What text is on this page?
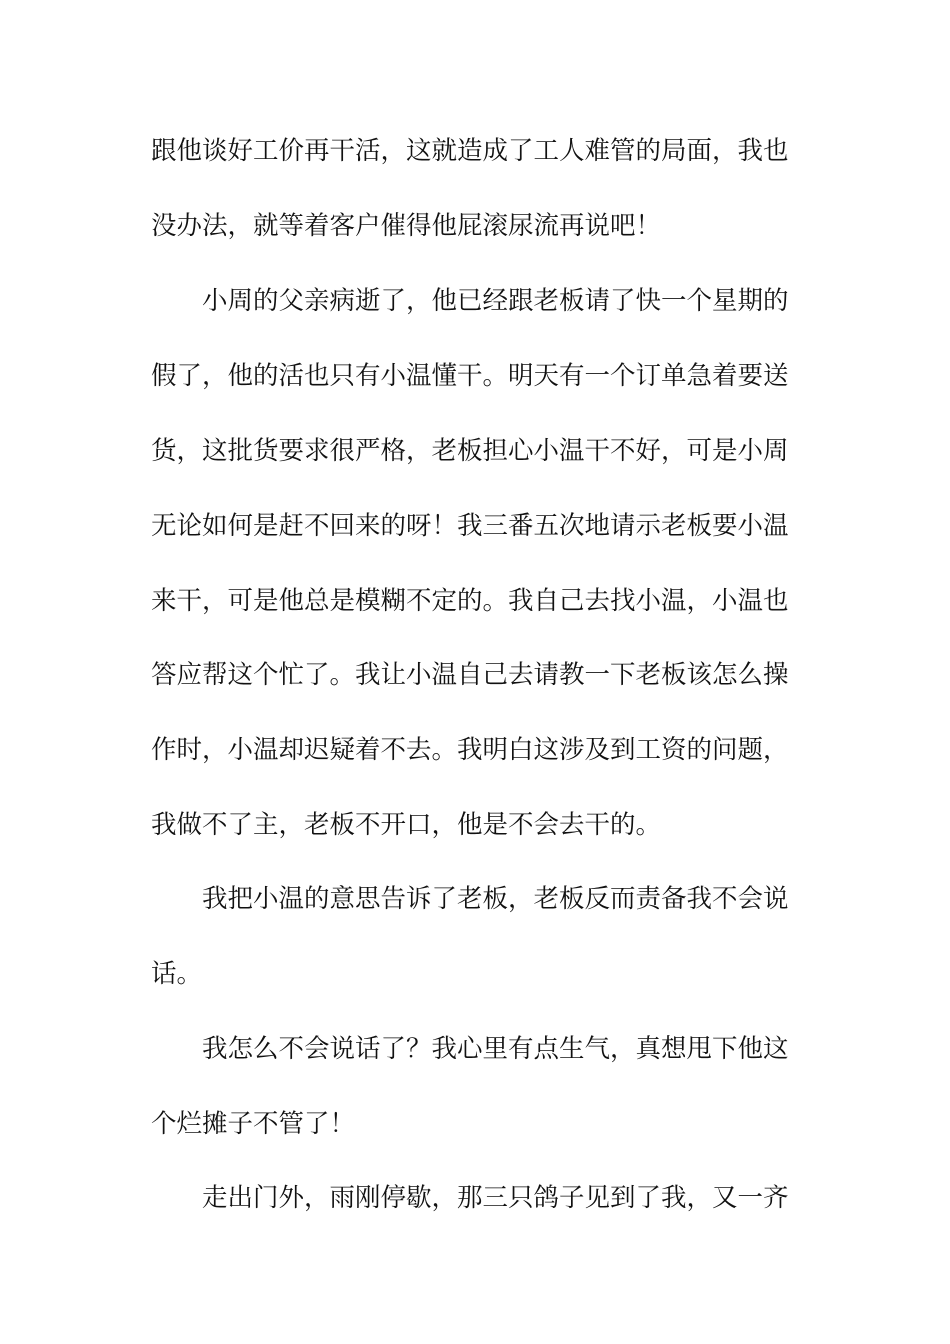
跟他谈好工价再干活，这就造成了工人难管的局面，我也
没办法，就等着客户催得他屁滚尿流再说吧！
小周的父亲病逝了，他已经跟老板请了快一个星期的
假了，他的活也只有小温懂干。明天有一个订单急着要送
货，这批货要求很严格，老板担心小温干不好，可是小周
无论如何是赶不回来的呀！我三番五次地请示老板要小温
来干，可是他总是模糊不定的。我自己去找小温，小温也
答应帮这个忙了。我让小温自己去请教一下老板该怎么操
作时，小温却迟疑着不去。我明白这涉及到工资的问题，
我做不了主，老板不开口，他是不会去干的。
我把小温的意思告诉了老板，老板反而责备我不会说
话。
我怎么不会说话了？我心里有点生气，真想甩下他这
个烂摊子不管了！
走出门外，雨刚停歇，那三只鸽子见到了我，又一齐
